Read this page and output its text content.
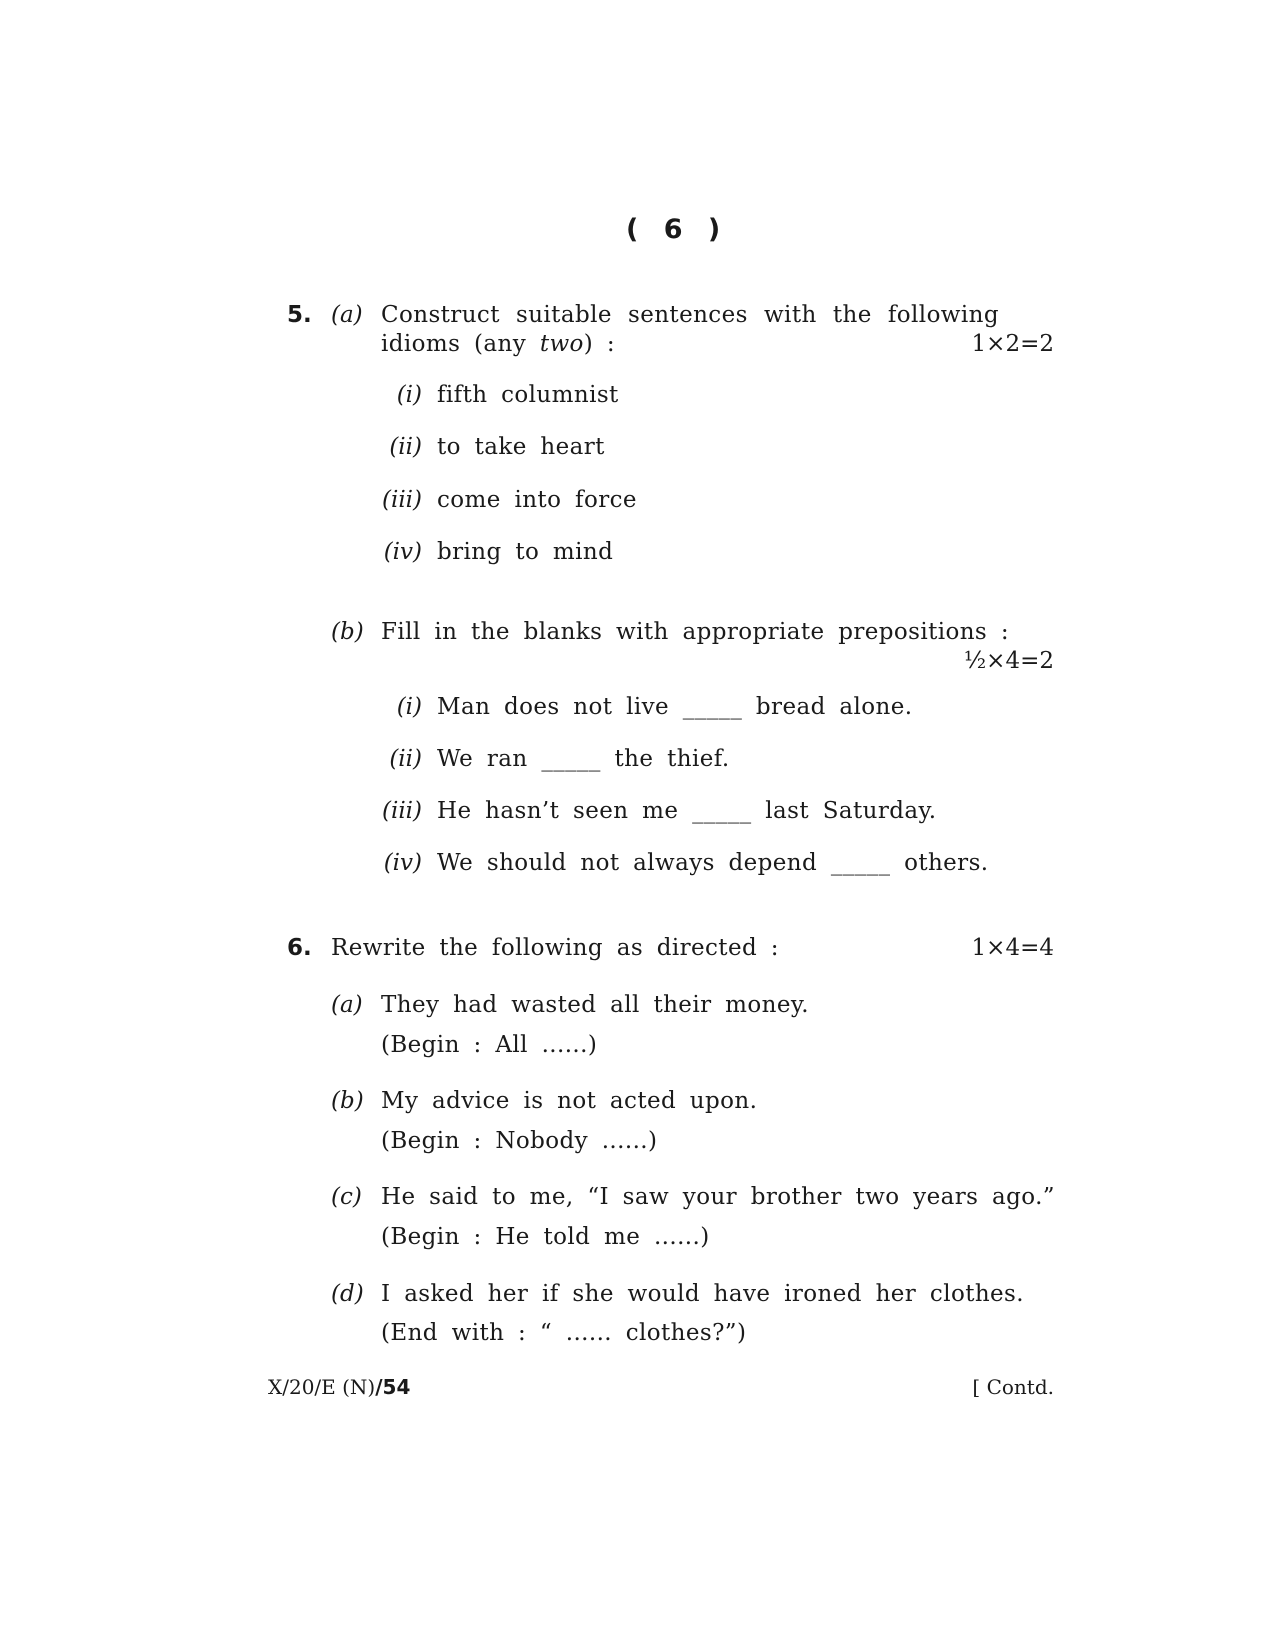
( 6 )
5. (a) Construct suitable sentences with the following
idioms (any two) :	1×2=2
(i) fifth columnist
(ii) to take heart
(iii) come into force
(iv) bring to mind
(b) Fill in the blanks with appropriate prepositions :
½×4=2
(i) Man does not live _____ bread alone.
(ii) We ran _____ the thief.
(iii) He hasn’t seen me _____ last Saturday.
(iv) We should not always depend _____ others.
6. Rewrite the following as directed :	1×4=4
(a) They had wasted all their money.
(Begin : All ......)
(b) My advice is not acted upon.
(Begin : Nobody ......)
(c) He said to me, “I saw your brother two years ago.”
(Begin : He told me ......)
(d) I asked her if she would have ironed her clothes.
(End with : “ ...... clothes?”)
X/20/E (N)/54	[ Contd.
